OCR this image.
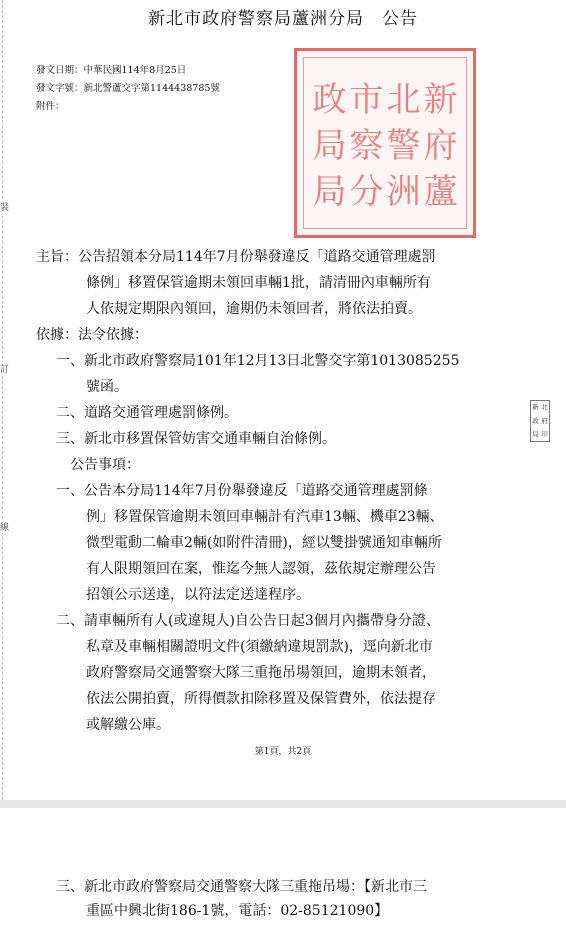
裝
訂
線
新北市政府警察局蘆洲分局　公告
發文日期：中華民國114年8月25日
發文字號：新北警蘆交字第1144438785號
附件：	新
北
市
政
府
警
察
局
蘆
洲
分
局
主旨：公告招領本分局114年7月份舉發違反「道路交通管理處罰
條例」移置保管逾期未領回車輛1批，請清冊內車輛所有
人依規定期限內領回，逾期仍未領回者，將依法拍賣。
依據：法令依據：
一、新北市政府警察局101年12月13日北警交字第1013085255
號函。
二、道路交通管理處罰條例。
三、新北市移置保管妨害交通車輛自治條例。
公告事項：
一、公告本分局114年7月份舉發違反「道路交通管理處罰條
例」移置保管逾期未領回車輛計有汽車13輛、機車23輛、
微型電動二輪車2輛(如附件清冊)，經以雙掛號通知車輛所
有人限期領回在案，惟迄今無人認領，茲依規定辦理公告
招領公示送達，以符法定送達程序。
二、請車輛所有人(或違規人)自公告日起3個月內攜帶身分證、
私章及車輛相關證明文件(須繳納違規罰款)，逕向新北市
政府警察局交通警察大隊三重拖吊場領回，逾期未領者，
依法公開拍賣，所得價款扣除移置及保管費外，依法提存
或解繳公庫。
新 北
政 府
局 印
第1頁，共2頁
三、新北市政府警察局交通警察大隊三重拖吊場：【新北市三
重區中興北街186-1號，電話：02-85121090】
